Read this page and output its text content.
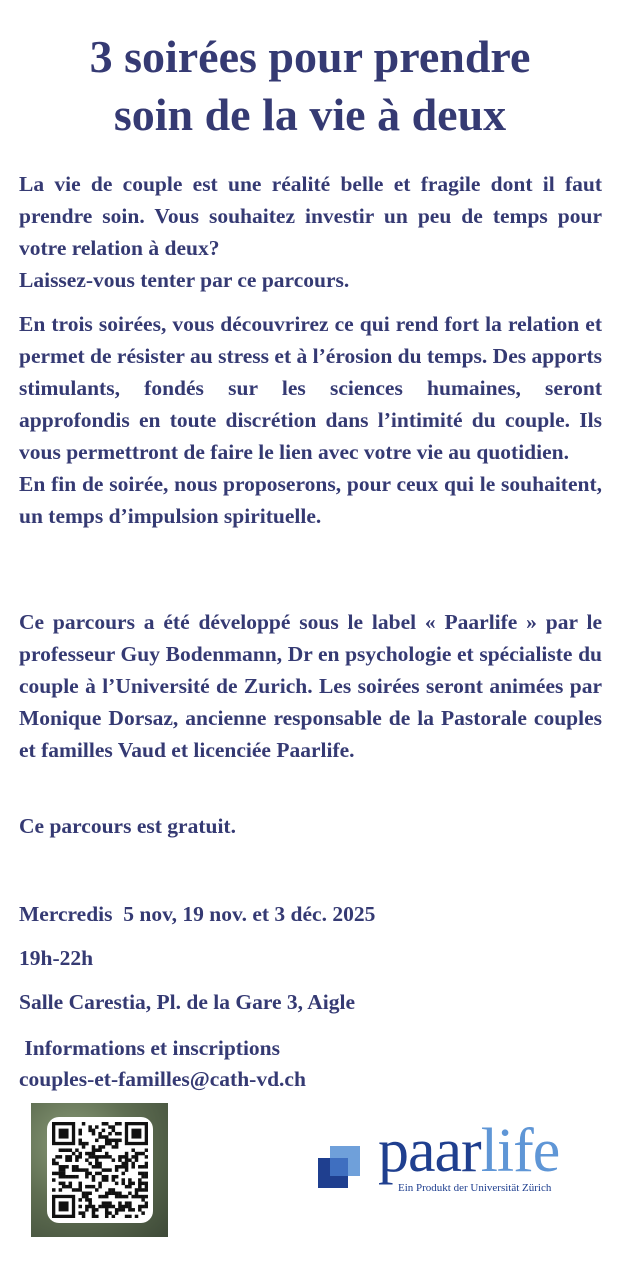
3 soirées pour prendre
soin de la vie à deux
La vie de couple est une réalité belle et fragile dont il faut prendre soin. Vous souhaitez investir un peu de temps pour votre relation à deux?
Laissez-vous tenter par ce parcours.
En trois soirées, vous découvrirez ce qui rend fort la relation et permet de résister au stress et à l’érosion du temps. Des apports stimulants, fondés sur les sciences humaines, seront approfondis en toute discrétion dans l’intimité du couple. Ils vous permettront de faire le lien avec votre vie au quotidien.
En fin de soirée, nous proposerons, pour ceux qui le souhaitent, un temps d’impulsion spirituelle.
Ce parcours a été développé sous le label « Paarlife » par le professeur Guy Bodenmann, Dr en psychologie et spécialiste du couple à l’Université de Zurich. Les soirées seront animées par Monique Dorsaz, ancienne responsable de la Pastorale couples et familles Vaud et licenciée Paarlife.

Ce parcours est gratuit.

Mercredis  5 nov, 19 nov. et 3 déc. 2025

19h-22h

Salle Carestia, Pl. de la Gare 3, Aigle

Informations et inscriptions

couples-et-familles@cath-vd.ch

paarlife
Ein Produkt der Universität Zürich
